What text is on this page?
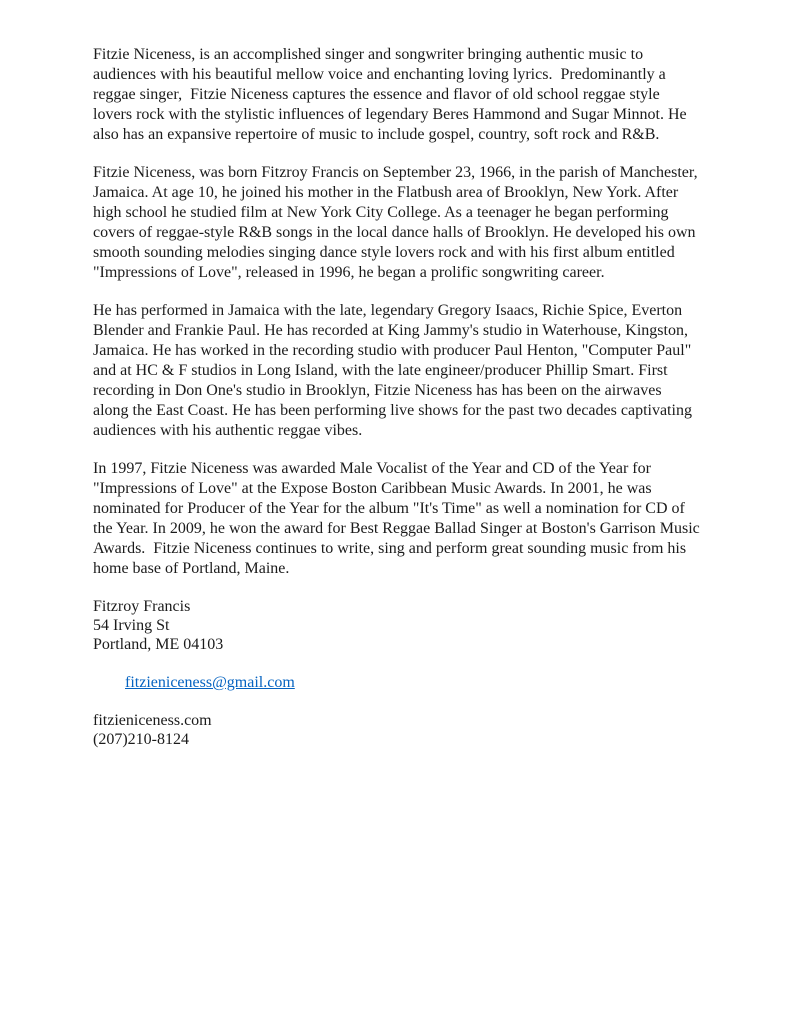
Fitzie Niceness, is an accomplished singer and songwriter bringing authentic music to audiences with his beautiful mellow voice and enchanting loving lyrics.  Predominantly a reggae singer,  Fitzie Niceness captures the essence and flavor of old school reggae style lovers rock with the stylistic influences of legendary Beres Hammond and Sugar Minnot. He also has an expansive repertoire of music to include gospel, country, soft rock and R&B.

Fitzie Niceness, was born Fitzroy Francis on September 23, 1966, in the parish of Manchester, Jamaica. At age 10, he joined his mother in the Flatbush area of Brooklyn, New York. After high school he studied film at New York City College. As a teenager he began performing covers of reggae-style R&B songs in the local dance halls of Brooklyn. He developed his own smooth sounding melodies singing dance style lovers rock and with his first album entitled "Impressions of Love", released in 1996, he began a prolific songwriting career.

He has performed in Jamaica with the late, legendary Gregory Isaacs, Richie Spice, Everton Blender and Frankie Paul. He has recorded at King Jammy's studio in Waterhouse, Kingston, Jamaica. He has worked in the recording studio with producer Paul Henton, "Computer Paul" and at HC & F studios in Long Island, with the late engineer/producer Phillip Smart. First recording in Don One's studio in Brooklyn, Fitzie Niceness has has been on the airwaves along the East Coast. He has been performing live shows for the past two decades captivating audiences with his authentic reggae vibes.

In 1997, Fitzie Niceness was awarded Male Vocalist of the Year and CD of the Year for "Impressions of Love" at the Expose Boston Caribbean Music Awards. In 2001, he was nominated for Producer of the Year for the album "It's Time" as well a nomination for CD of the Year. In 2009, he won the award for Best Reggae Ballad Singer at Boston's Garrison Music Awards.  Fitzie Niceness continues to write, sing and perform great sounding music from his home base of Portland, Maine.

Fitzroy Francis
54 Irving St
Portland, ME 04103

fitzieniceness@gmail.com

fitzieniceness.com
(207)210-8124
